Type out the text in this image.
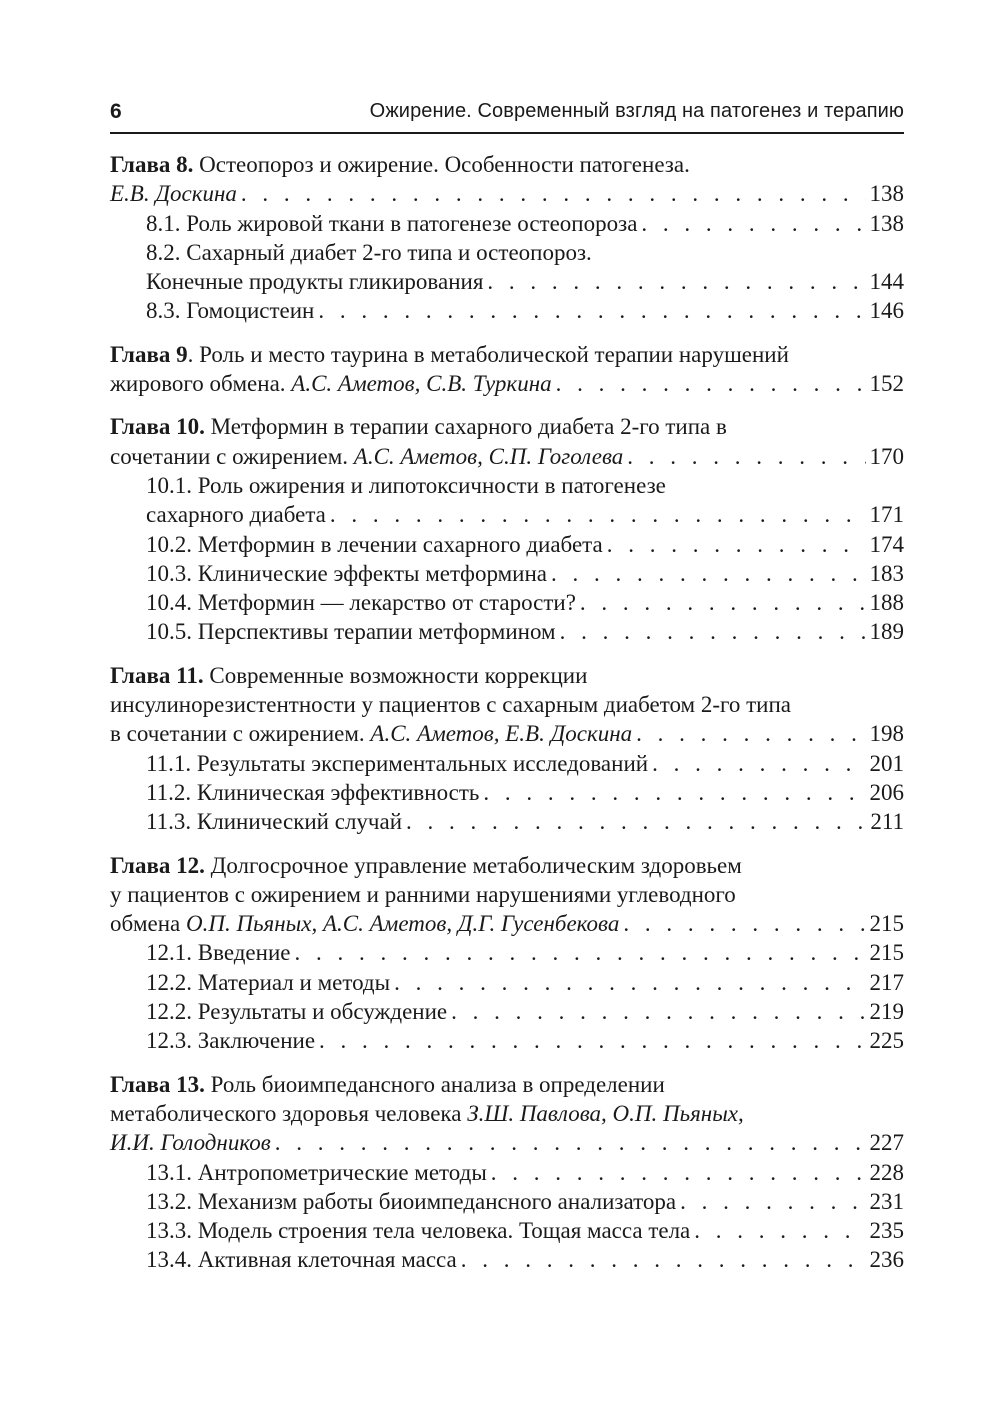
6	Ожирение. Современный взгляд на патогенез и терапию
Глава 8. Остеопороз и ожирение. Особенности патогенеза.
Е.В. Доскина . . .	138
8.1. Роль жировой ткани в патогенезе остеопороза . . .	138
8.2. Сахарный диабет 2-го типа и остеопороз.
Конечные продукты гликирования . . .	144
8.3. Гомоцистеин . . .	146
Глава 9. Роль и место таурина в метаболической терапии нарушений
жирового обмена. А.С. Аметов, С.В. Туркина . . .	152
Глава 10. Метформин в терапии сахарного диабета 2-го типа в
сочетании с ожирением. А.С. Аметов, С.П. Гоголева . . .	170
10.1. Роль ожирения и липотоксичности в патогенезе
сахарного диабета . . .	171
10.2. Метформин в лечении сахарного диабета . . .	174
10.3. Клинические эффекты метформина . . .	183
10.4. Метформин — лекарство от старости? . . .	188
10.5. Перспективы терапии метформином . . .	189
Глава 11. Современные возможности коррекции
инсулинорезистентности у пациентов с сахарным диабетом 2-го типа
в сочетании с ожирением. А.С. Аметов, Е.В. Доскина . . .	198
11.1. Результаты экспериментальных исследований . . .	201
11.2. Клиническая эффективность . . .	206
11.3. Клинический случай . . .	211
Глава 12. Долгосрочное управление метаболическим здоровьем
у пациентов с ожирением и ранними нарушениями углеводного
обмена О.П. Пьяных, А.С. Аметов, Д.Г. Гусенбекова . . .	215
12.1. Введение . . .	215
12.2. Материал и методы . . .	217
12.2. Результаты и обсуждение . . .	219
12.3. Заключение . . .	225
Глава 13. Роль биоимпедансного анализа в определении
метаболического здоровья человека З.Ш. Павлова, О.П. Пьяных,
И.И. Голодников . . .	227
13.1. Антропометрические методы . . .	228
13.2. Механизм работы биоимпедансного анализатора . . .	231
13.3. Модель строения тела человека. Тощая масса тела . . .	235
13.4. Активная клеточная масса . . .	236
